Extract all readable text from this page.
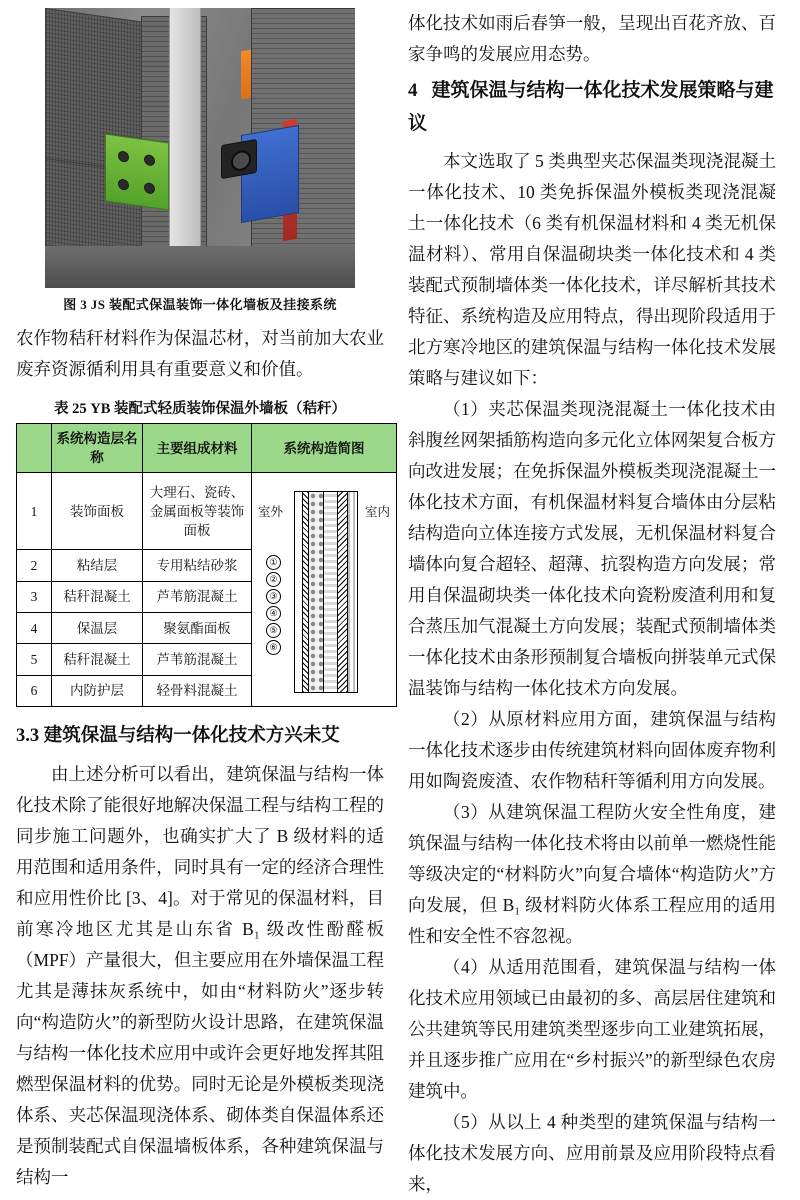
图 3 JS 装配式保温装饰一体化墙板及挂接系统

农作物秸秆材料作为保温芯材，对当前加大农业废弃资源循利用具有重要意义和价值。

表 25 YB 装配式轻质装饰保温外墙板（秸秆）
	系统构造层名称	主要组成材料	系统构造简图
1	装饰面板	大理石、瓷砖、金属面板等装饰面板	
室外	室内
①
②
③
④
⑤
⑥

2	粘结层	专用粘结砂浆	
3	秸秆混凝土	芦苇筋混凝土	
4	保温层	聚氨酯面板	
5	秸秆混凝土	芦苇筋混凝土	
6	内防护层	轻骨料混凝土	
3.3 建筑保温与结构一体化技术方兴未艾

由上述分析可以看出，建筑保温与结构一体化技术除了能很好地解决保温工程与结构工程的同步施工问题外，也确实扩大了 B 级材料的适用范围和适用条件，同时具有一定的经济合理性和应用性价比 [3、4]。对于常见的保温材料，目前寒冷地区尤其是山东省 B₁ 级改性酚醛板（MPF）产量很大，但主要应用在外墙保温工程尤其是薄抹灰系统中，如由“材料防火”逐步转向“构造防火”的新型防火设计思路，在建筑保温与结构一体化技术应用中或许会更好地发挥其阻燃型保温材料的优势。同时无论是外模板类现浇体系、夹芯保温现浇体系、砌体类自保温体系还是预制装配式自保温墙板体系，各种建筑保温与结构一

体化技术如雨后春笋一般，呈现出百花齐放、百家争鸣的发展应用态势。

4 建筑保温与结构一体化技术发展策略与建议

本文选取了 5 类典型夹芯保温类现浇混凝土一体化技术、10 类免拆保温外模板类现浇混凝土一体化技术（6 类有机保温材料和 4 类无机保温材料）、常用自保温砌块类一体化技术和 4 类装配式预制墙体类一体化技术，详尽解析其技术特征、系统构造及应用特点，得出现阶段适用于北方寒冷地区的建筑保温与结构一体化技术发展策略与建议如下：

（1）夹芯保温类现浇混凝土一体化技术由斜腹丝网架插筋构造向多元化立体网架复合板方向改进发展；在免拆保温外模板类现浇混凝土一体化技术方面，有机保温材料复合墙体由分层粘结构造向立体连接方式发展，无机保温材料复合墙体向复合超轻、超薄、抗裂构造方向发展；常用自保温砌块类一体化技术向瓷粉废渣利用和复合蒸压加气混凝土方向发展；装配式预制墙体类一体化技术由条形预制复合墙板向拼装单元式保温装饰与结构一体化技术方向发展。

（2）从原材料应用方面，建筑保温与结构一体化技术逐步由传统建筑材料向固体废弃物利用如陶瓷废渣、农作物秸秆等循利用方向发展。

（3）从建筑保温工程防火安全性角度，建筑保温与结构一体化技术将由以前单一燃烧性能等级决定的“材料防火”向复合墙体“构造防火”方向发展，但 B₁ 级材料防火体系工程应用的适用性和安全性不容忽视。

（4）从适用范围看，建筑保温与结构一体化技术应用领域已由最初的多、高层居住建筑和公共建筑等民用建筑类型逐步向工业建筑拓展，并且逐步推广应用在“乡村振兴”的新型绿色农房建筑中。

（5）从以上 4 种类型的建筑保温与结构一体化技术发展方向、应用前景及应用阶段特点看来，
